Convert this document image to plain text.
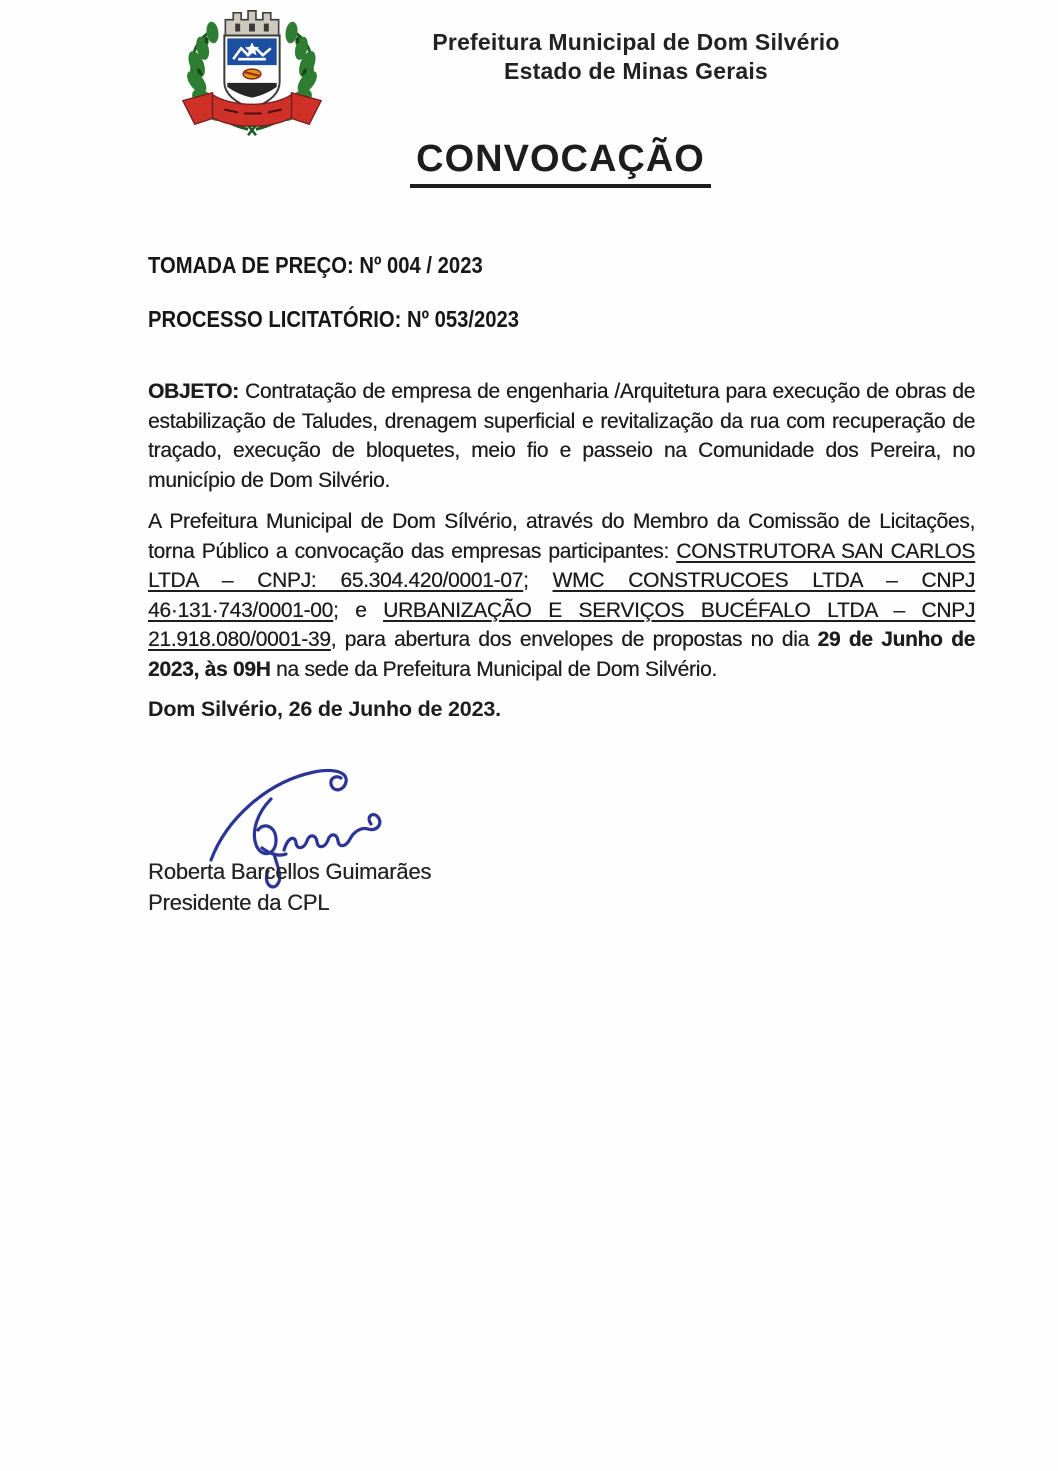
Prefeitura Municipal de Dom Silvério
Estado de Minas Gerais
CONVOCAÇÃO
TOMADA DE PREÇO: Nº 004 / 2023
PROCESSO LICITATÓRIO: Nº 053/2023
OBJETO: Contratação de empresa de engenharia /Arquitetura para execução de obras de estabilização de Taludes, drenagem superficial e revitalização da rua com recuperação de traçado, execução de bloquetes, meio fio e passeio na Comunidade dos Pereira, no município de Dom Silvério.
A Prefeitura Municipal de Dom Sílvério, através do Membro da Comissão de Licitações, torna Público a convocação das empresas participantes: CONSTRUTORA SAN CARLOS LTDA – CNPJ: 65.304.420/0001-07; WMC CONSTRUCOES LTDA – CNPJ 46·131·743/0001-00; e URBANIZAÇÃO E SERVIÇOS BUCÉFALO LTDA – CNPJ 21.918.080/0001-39, para abertura dos envelopes de propostas no dia 29 de Junho de 2023, às 09H na sede da Prefeitura Municipal de Dom Silvério.
Dom Silvério, 26 de Junho de 2023.
Roberta Barcellos Guimarães
Presidente da CPL
